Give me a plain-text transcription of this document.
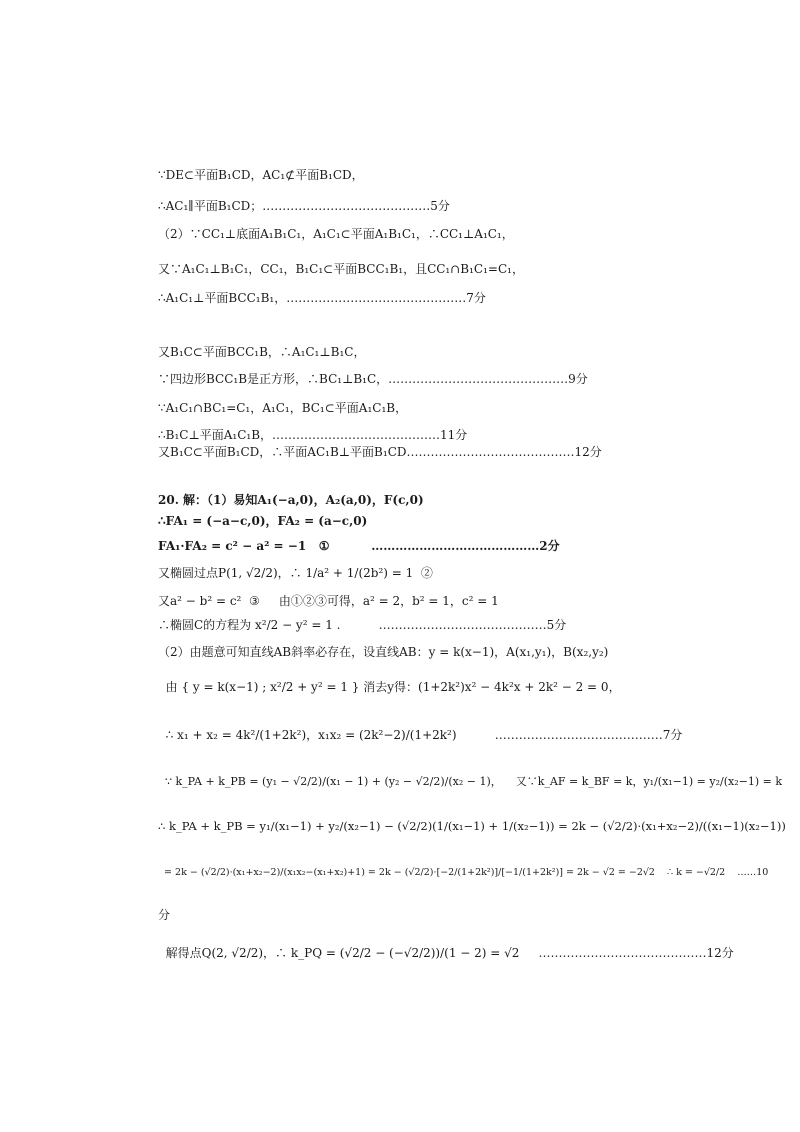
∵DE⊂平面B₁CD，AC₁⊄平面B₁CD，
∴AC₁∥平面B₁CD；……………………………………5分
（2）∵CC₁⊥底面A₁B₁C₁，A₁C₁⊂平面A₁B₁C₁，∴CC₁⊥A₁C₁，
又∵A₁C₁⊥B₁C₁，CC₁，B₁C₁⊂平面BCC₁B₁，且CC₁∩B₁C₁=C₁，
∴A₁C₁⊥平面BCC₁B₁，………………………………………7分
又B₁C⊂平面BCC₁B，∴A₁C₁⊥B₁C，
∵四边形BCC₁B是正方形，∴BC₁⊥B₁C，………………………………………9分
∵A₁C₁∩BC₁=C₁，A₁C₁，BC₁⊂平面A₁C₁B，
∴B₁C⊥平面A₁C₁B，……………………………………11分
又B₁C⊂平面B₁CD，∴平面AC₁B⊥平面B₁CD……………………………………12分
20. 解：（1）易知A₁(−a,0)，A₂(a,0)，F(c,0)
∴FA₁ = (−a−c,0)，FA₂ = (a−c,0)
FA₁·FA₂ = c² − a² = −1   ①          ……………………………………2分
又椭圆过点P(1, √2/2)，∴ 1/a² + 1/(2b²) = 1  ②
又a² − b² = c²  ③     由①②③可得，a² = 2，b² = 1，c² = 1
∴椭圆C的方程为 x²/2 − y² = 1 .          ……………………………………5分
（2）由题意可知直线AB斜率必存在，设直线AB：y = k(x−1)，A(x₁,y₁)，B(x₂,y₂)
由 { y = k(x−1) ; x²/2 + y² = 1 } 消去y得：(1+2k²)x² − 4k²x + 2k² − 2 = 0，
∴ x₁ + x₂ = 4k²/(1+2k²)，x₁x₂ = (2k²−2)/(1+2k²)          ……………………………………7分
∵ k_PA + k_PB = (y₁ − √2/2)/(x₁ − 1) + (y₂ − √2/2)/(x₂ − 1)，    又∵k_AF = k_BF = k，y₁/(x₁−1) = y₂/(x₂−1) = k
∴ k_PA + k_PB = y₁/(x₁−1) + y₂/(x₂−1) − (√2/2)(1/(x₁−1) + 1/(x₂−1)) = 2k − (√2/2)·(x₁+x₂−2)/((x₁−1)(x₂−1))
= 2k − (√2/2)·(x₁+x₂−2)/(x₁x₂−(x₁+x₂)+1) = 2k − (√2/2)·[−2/(1+2k²)]/[−1/(1+2k²)] = 2k − √2 = −2√2    ∴ k = −√2/2    ……10
分
解得点Q(2, √2/2)，∴ k_PQ = (√2/2 − (−√2/2))/(1 − 2) = √2     ……………………………………12分
